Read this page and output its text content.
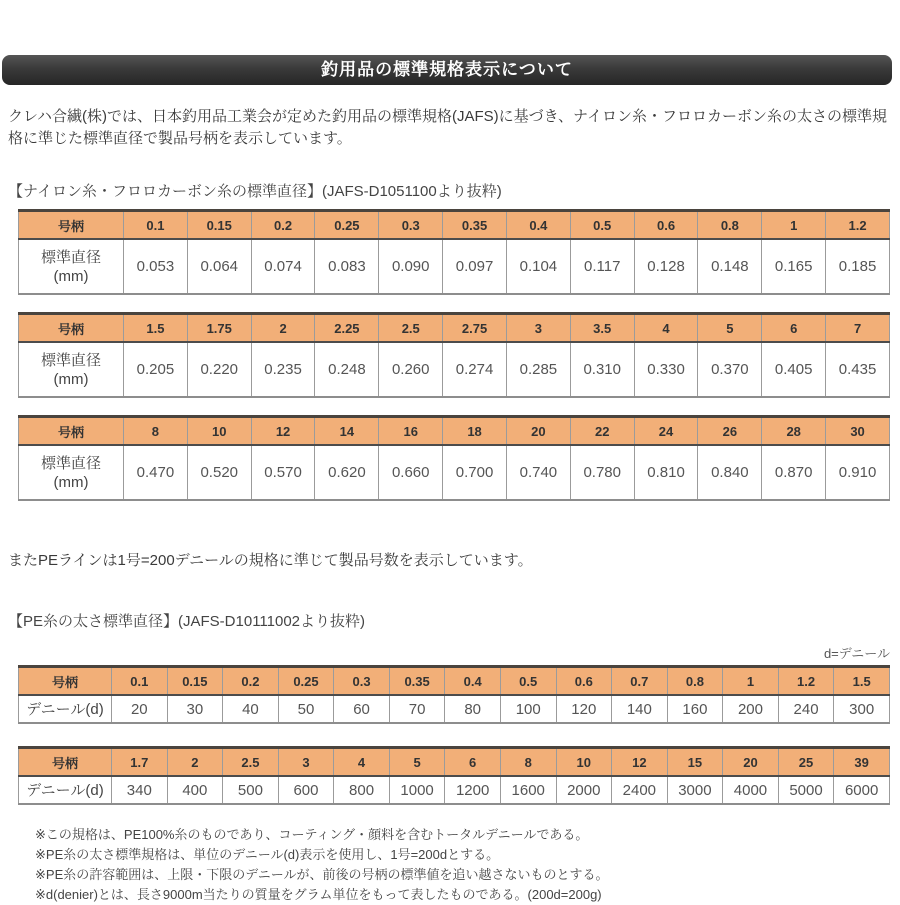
釣用品の標準規格表示について

クレハ合繊(株)では、日本釣用品工業会が定めた釣用品の標準規格(JAFS)に基づき、ナイロン糸・フロロカーボン糸の太さの標準規格に準じた標準直径で製品号柄を表示しています。

【ナイロン糸・フロロカーボン糸の標準直径】(JAFS-D1051100より抜粋)
号柄	0.1	0.15	0.2	0.25	0.3	0.35	0.4	0.5	0.6	0.8	1	1.2

標準直径
(mm)	0.053	0.064	0.074	0.083	0.090	0.097	0.104	0.117	0.128	0.148	0.165	0.185
号柄	1.5	1.75	2	2.25	2.5	2.75	3	3.5	4	5	6	7

標準直径
(mm)	0.205	0.220	0.235	0.248	0.260	0.274	0.285	0.310	0.330	0.370	0.405	0.435
号柄	8	10	12	14	16	18	20	22	24	26	28	30

標準直径
(mm)	0.470	0.520	0.570	0.620	0.660	0.700	0.740	0.780	0.810	0.840	0.870	0.910

またPEラインは1号=200デニールの規格に準じて製品号数を表示しています。

【PE糸の太さ標準直径】(JAFS-D10111002より抜粋)
d=デニール
号柄	0.1	0.15	0.2	0.25	0.3	0.35	0.4	0.5	0.6	0.7	0.8	1	1.2	1.5

デニール(d)	20	30	40	50	60	70	80	100	120	140	160	200	240	300
号柄	1.7	2	2.5	3	4	5	6	8	10	12	15	20	25	39

デニール(d)	340	400	500	600	800	1000	1200	1600	2000	2400	3000	4000	5000	6000
※この規格は、PE100%糸のものであり、コーティング・顔料を含むトータルデニールである。
※PE糸の太さ標準規格は、単位のデニール(d)表示を使用し、1号=200dとする。
※PE糸の許容範囲は、上限・下限のデニールが、前後の号柄の標準値を追い越さないものとする。
※d(denier)とは、長さ9000m当たりの質量をグラム単位をもって表したものである。(200d=200g)
